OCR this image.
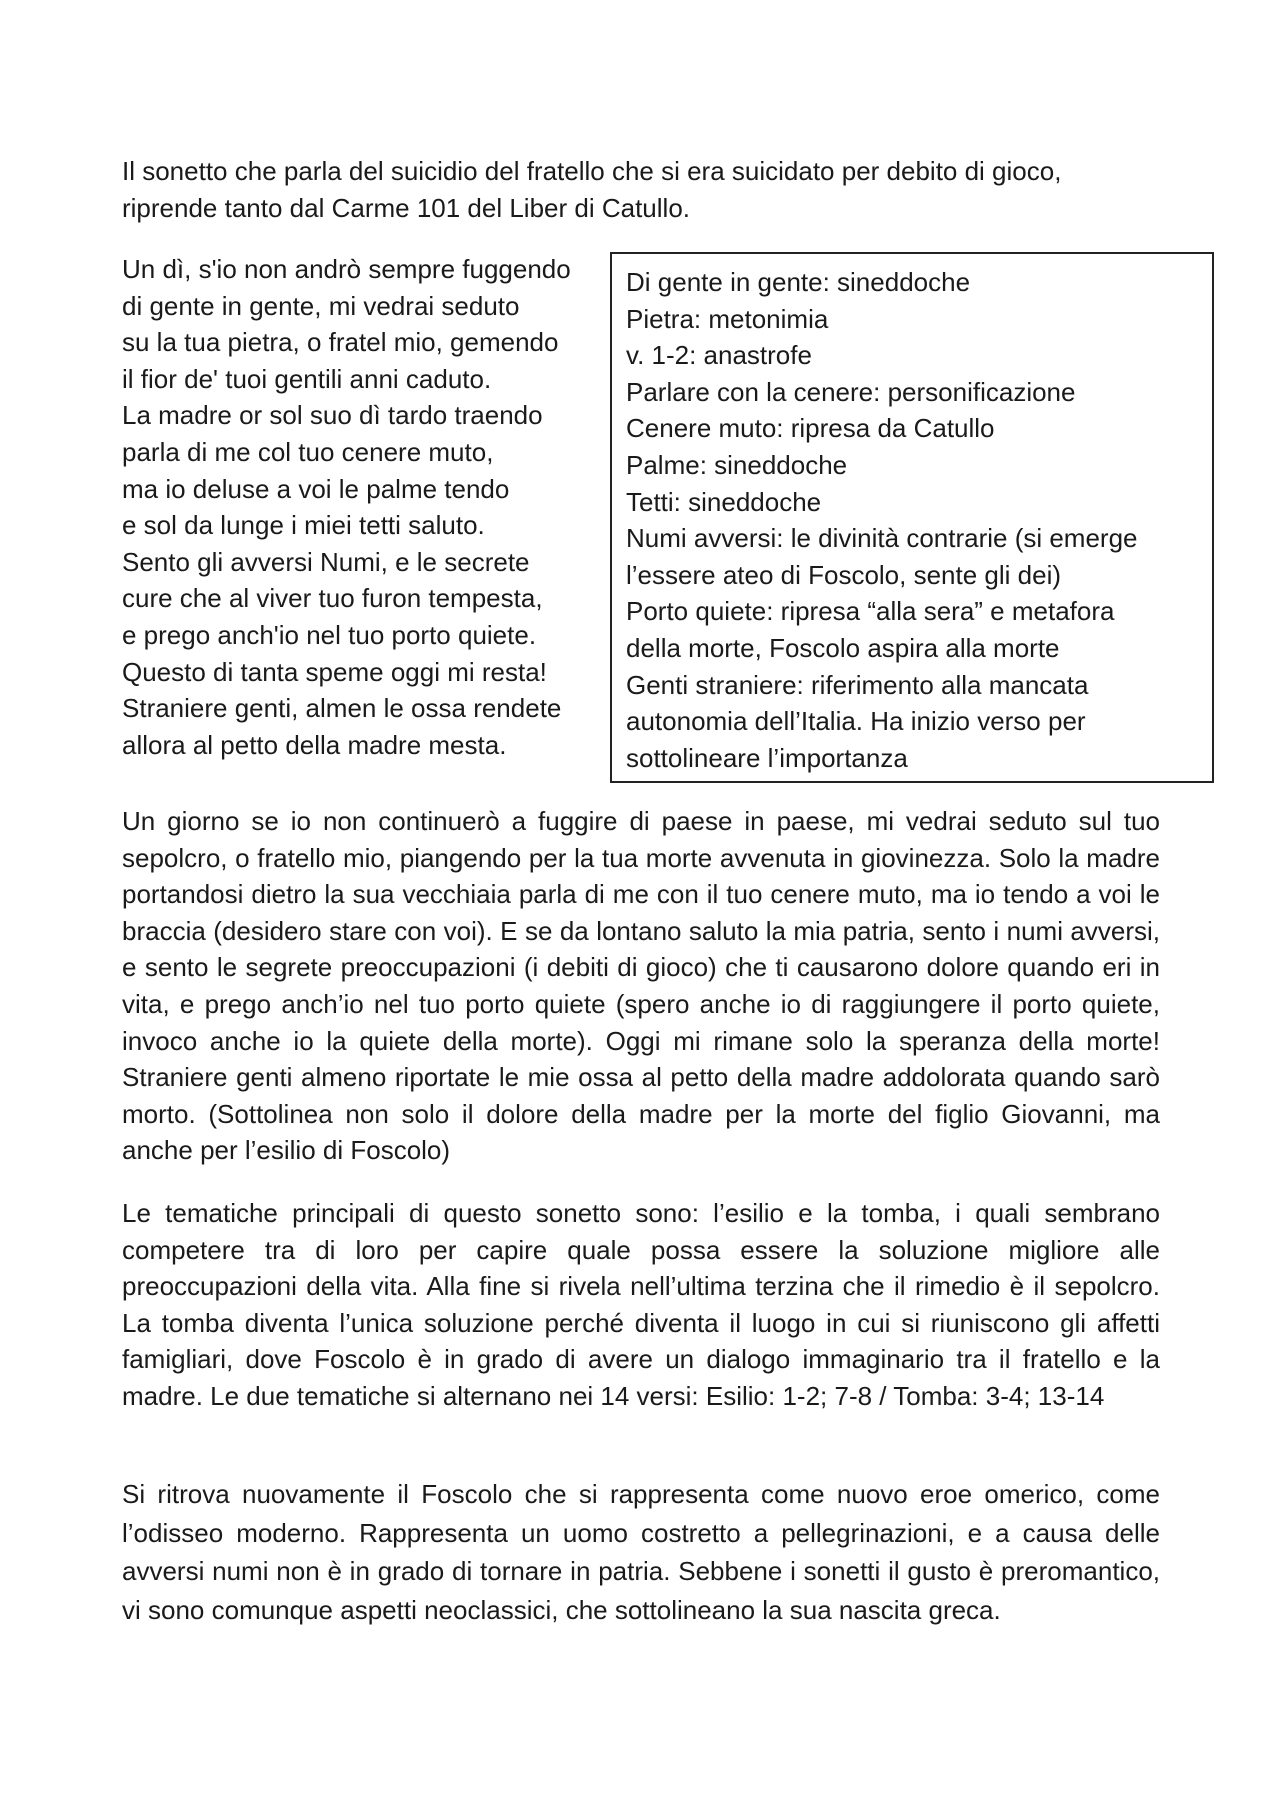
Il sonetto che parla del suicidio del fratello che si era suicidato per debito di gioco,
riprende tanto dal Carme 101 del Liber di Catullo.
Un dì, s'io non andrò sempre fuggendo
di gente in gente, mi vedrai seduto
su la tua pietra, o fratel mio, gemendo
il fior de' tuoi gentili anni caduto.
La madre or sol suo dì tardo traendo
parla di me col tuo cenere muto,
ma io deluse a voi le palme tendo
e sol da lunge i miei tetti saluto.
Sento gli avversi Numi, e le secrete
cure che al viver tuo furon tempesta,
e prego anch'io nel tuo porto quiete.
Questo di tanta speme oggi mi resta!
Straniere genti, almen le ossa rendete
allora al petto della madre mesta.
Di gente in gente: sineddoche
Pietra: metonimia
v. 1-2: anastrofe
Parlare con la cenere: personificazione
Cenere muto: ripresa da Catullo
Palme: sineddoche
Tetti: sineddoche
Numi avversi: le divinità contrarie (si emerge
l’essere ateo di Foscolo, sente gli dei)
Porto quiete: ripresa “alla sera” e metafora
della morte, Foscolo aspira alla morte
Genti straniere: riferimento alla mancata
autonomia dell’Italia. Ha inizio verso per
sottolineare l’importanza

Un giorno se io non continuerò a fuggire di paese in paese, mi vedrai seduto sul tuo sepolcro, o fratello mio, piangendo per la tua morte avvenuta in giovinezza. Solo la madre portandosi dietro la sua vecchiaia parla di me con il tuo cenere muto, ma io tendo a voi le braccia (desidero stare con voi). E se da lontano saluto la mia patria, sento i numi avversi, e sento le segrete preoccupazioni (i debiti di gioco) che ti causarono dolore quando eri in vita, e prego anch’io nel tuo porto quiete (spero anche io di raggiungere il porto quiete, invoco anche io la quiete della morte). Oggi mi rimane solo la speranza della morte! Straniere genti almeno riportate le mie ossa al petto della madre addolorata quando sarò morto. (Sottolinea non solo il dolore della madre per la morte del figlio Giovanni, ma anche per l’esilio di Foscolo)

Le tematiche principali di questo sonetto sono: l’esilio e la tomba, i quali sembrano competere tra di loro per capire quale possa essere la soluzione migliore alle preoccupazioni della vita. Alla fine si rivela nell’ultima terzina che il rimedio è il sepolcro. La tomba diventa l’unica soluzione perché diventa il luogo in cui si riuniscono gli affetti famigliari, dove Foscolo è in grado di avere un dialogo immaginario tra il fratello e la madre. Le due tematiche si alternano nei 14 versi: Esilio: 1-2; 7-8 / Tomba: 3-4; 13-14

Si ritrova nuovamente il Foscolo che si rappresenta come nuovo eroe omerico, come l’odisseo moderno. Rappresenta un uomo costretto a pellegrinazioni, e a causa delle avversi numi non è in grado di tornare in patria. Sebbene i sonetti il gusto è preromantico, vi sono comunque aspetti neoclassici, che sottolineano la sua nascita greca.
